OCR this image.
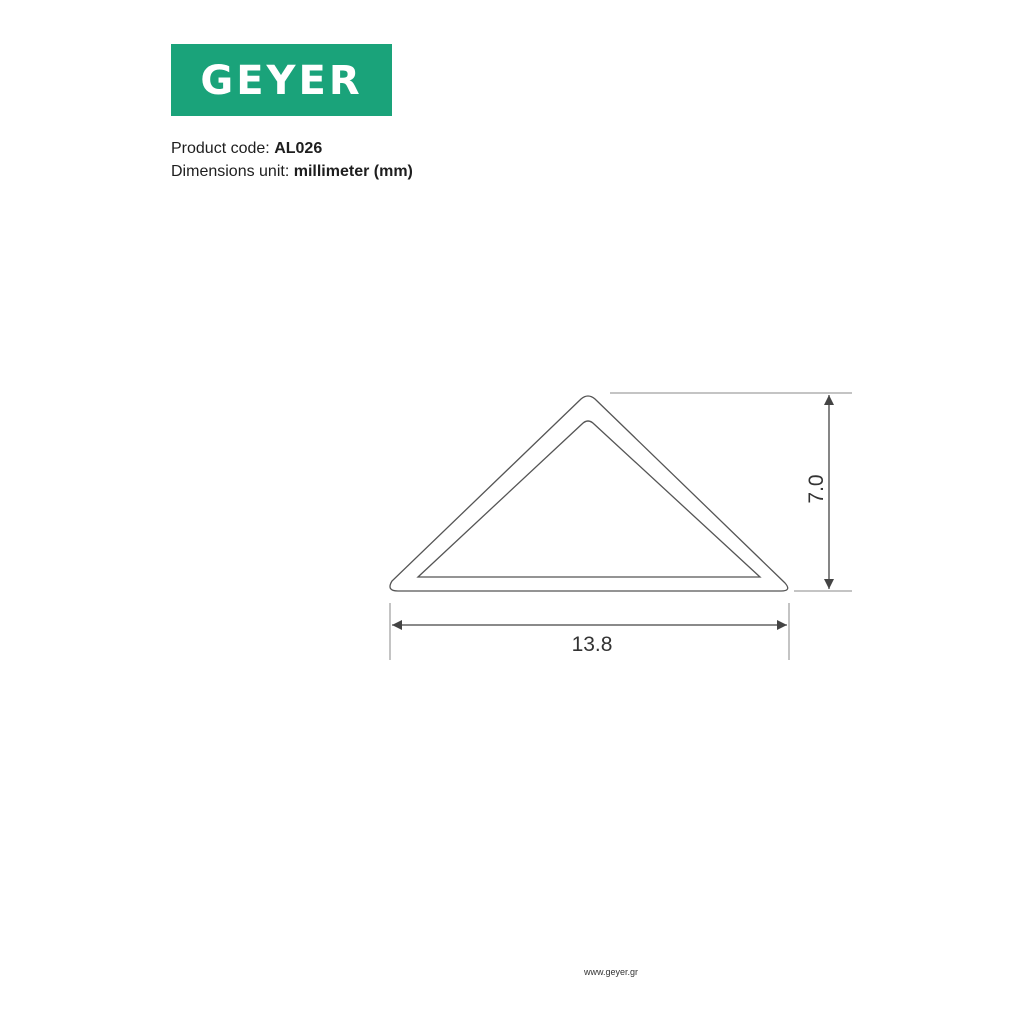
GEYER
Product code: AL026
Dimensions unit: millimeter (mm)
13.8
7.0
www.geyer.gr
